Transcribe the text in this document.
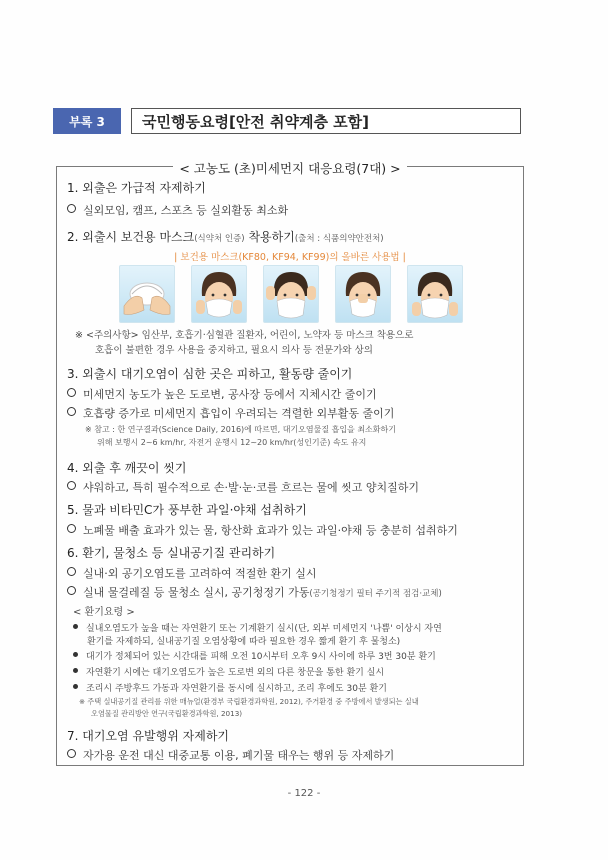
부록 3	국민행동요령[안전 취약계층 포함]
< 고농도 (초)미세먼지 대응요령(7대) >
1. 외출은 가급적 자제하기
실외모임, 캠프, 스포츠 등 실외활동 최소화
2. 외출시 보건용 마스크(식약처 인증) 착용하기(출처 : 식품의약안전처)
| 보건용 마스크(KF80, KF94, KF99)의 올바른 사용법 |
※ <주의사항> 임산부, 호흡기·심혈관 질환자, 어린이, 노약자 등 마스크 착용으로
호흡이 불편한 경우 사용을 중지하고, 필요시 의사 등 전문가와 상의
3. 외출시 대기오염이 심한 곳은 피하고, 활동량 줄이기
미세먼지 농도가 높은 도로변, 공사장 등에서 지체시간 줄이기
호흡량 증가로 미세먼지 흡입이 우려되는 격렬한 외부활동 줄이기
※ 참고 : 한 연구결과(Science Daily, 2016)에 따르면, 대기오염물질 흡입을 최소화하기
위해 보행시 2~6 km/hr, 자전거 운행시 12~20 km/hr(성인기준) 속도 유지
4. 외출 후 깨끗이 씻기
샤워하고, 특히 필수적으로 손·발·눈·코를 흐르는 물에 씻고 양치질하기
5. 물과 비타민C가 풍부한 과일·야채 섭취하기
노폐물 배출 효과가 있는 물, 항산화 효과가 있는 과일·야채 등 충분히 섭취하기
6. 환기, 물청소 등 실내공기질 관리하기
실내·외 공기오염도를 고려하여 적절한 환기 실시
실내 물걸레질 등 물청소 실시, 공기청정기 가동(공기청정기 필터 주기적 점검·교체)
< 환기요령 >
실내오염도가 높을 때는 자연환기 또는 기계환기 실시(단, 외부 미세먼지 '나쁨' 이상시 자연
환기를 자제하되, 실내공기질 오염상황에 따라 필요한 경우 짧게 환기 후 물청소)
대기가 정체되어 있는 시간대를 피해 오전 10시부터 오후 9시 사이에 하루 3번 30분 환기
자연환기 시에는 대기오염도가 높은 도로변 외의 다른 창문을 통한 환기 실시
조리시 주방후드 가동과 자연환기를 동시에 실시하고, 조리 후에도 30분 환기
※ 주택 실내공기질 관리를 위한 매뉴얼(환경부 국립환경과학원, 2012), 주거환경 중 주방에서 발생되는 실내
오염물질 관리방안 연구(국립환경과학원, 2013)
7. 대기오염 유발행위 자제하기
자가용 운전 대신 대중교통 이용, 폐기물 태우는 행위 등 자제하기
- 122 -
